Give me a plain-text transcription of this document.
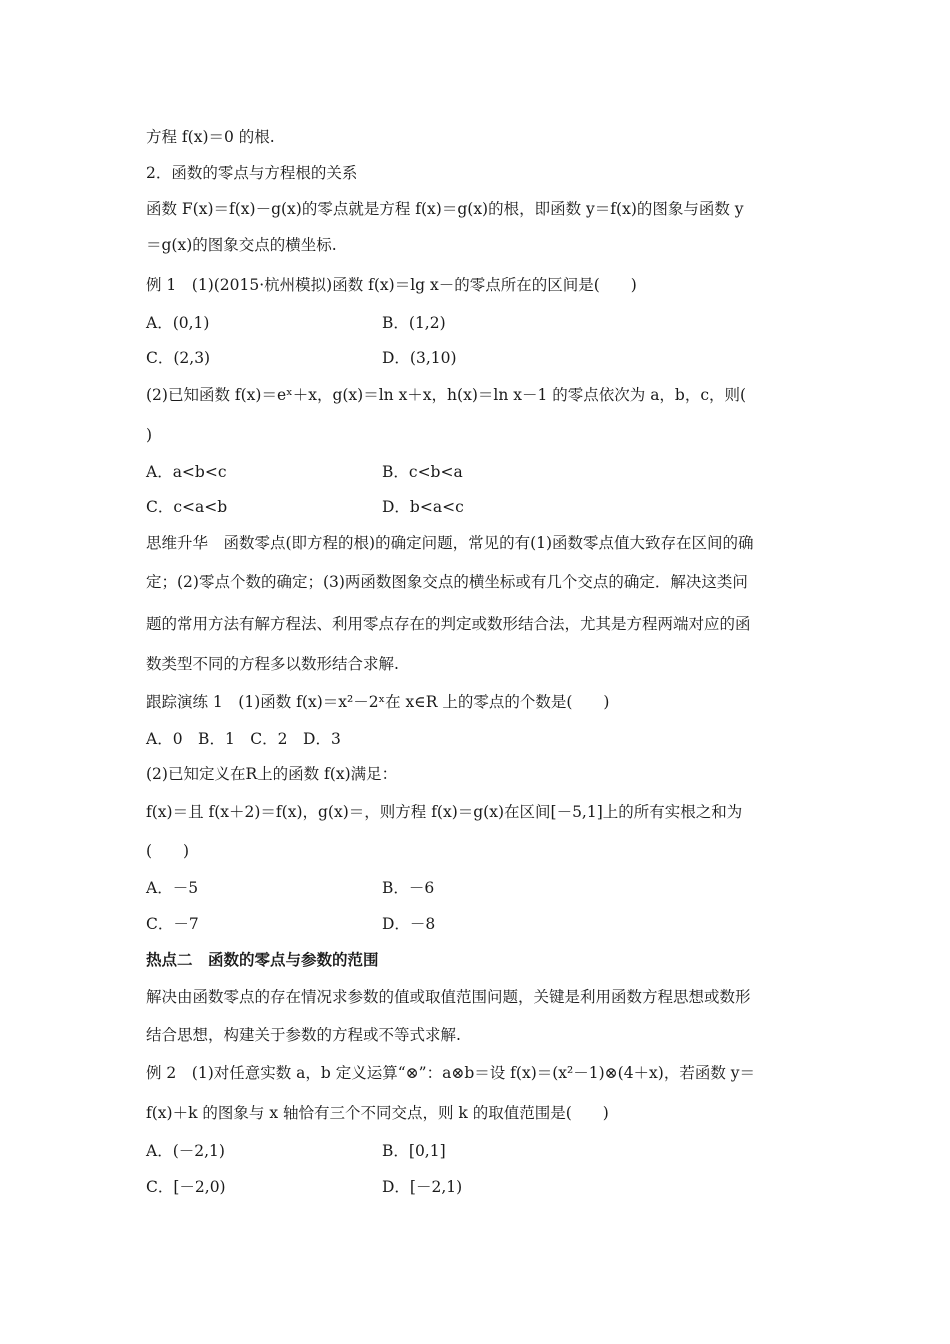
方程 f(x)＝0 的根.
2．函数的零点与方程根的关系
函数 F(x)＝f(x)－g(x)的零点就是方程 f(x)＝g(x)的根，即函数 y＝f(x)的图象与函数 y
＝g(x)的图象交点的横坐标.
例 1　(1)(2015·杭州模拟)函数 f(x)＝lg x－的零点所在的区间是(　　)
A．(0,1)	B．(1,2)
C．(2,3)	D．(3,10)
(2)已知函数 f(x)＝eˣ＋x，g(x)＝ln x＋x，h(x)＝ln x－1 的零点依次为 a，b，c，则(
)
A．a<b<c	B．c<b<a
C．c<a<b	D．b<a<c
思维升华　函数零点(即方程的根)的确定问题，常见的有(1)函数零点值大致存在区间的确
定；(2)零点个数的确定；(3)两函数图象交点的横坐标或有几个交点的确定．解决这类问
题的常用方法有解方程法、利用零点存在的判定或数形结合法，尤其是方程两端对应的函
数类型不同的方程多以数形结合求解.
跟踪演练 1　(1)函数 f(x)＝x²－2ˣ在 x∈R 上的零点的个数是(　　)
A．0　B．1　C．2　D．3
(2)已知定义在R上的函数 f(x)满足：
f(x)＝且 f(x＋2)＝f(x)，g(x)＝，则方程 f(x)＝g(x)在区间[－5,1]上的所有实根之和为
(　　)
A．－5	B．－6
C．－7	D．－8
热点二　函数的零点与参数的范围
解决由函数零点的存在情况求参数的值或取值范围问题，关键是利用函数方程思想或数形
结合思想，构建关于参数的方程或不等式求解.
例 2　(1)对任意实数 a，b 定义运算“⊗”：a⊗b＝设 f(x)＝(x²－1)⊗(4＋x)，若函数 y＝
f(x)＋k 的图象与 x 轴恰有三个不同交点，则 k 的取值范围是(　　)
A．(－2,1)	B．[0,1]
C．[－2,0)	D．[－2,1)
